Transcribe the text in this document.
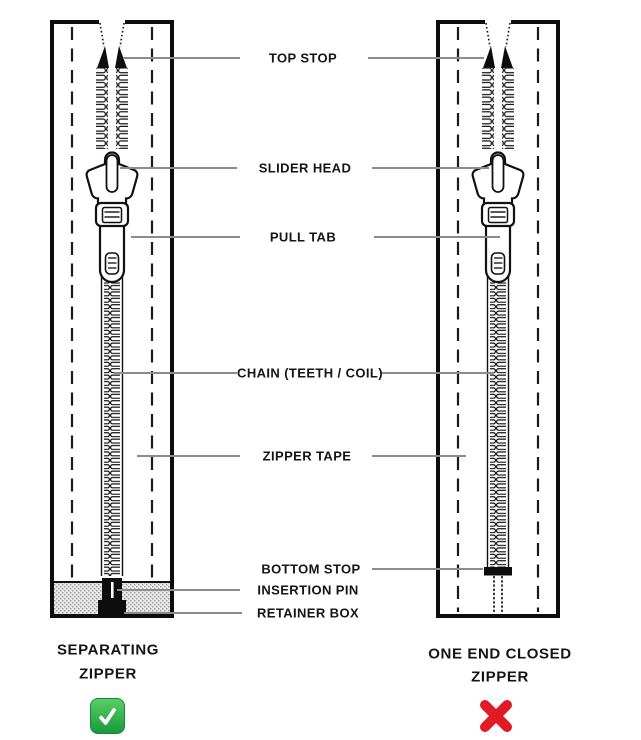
TOP STOP
SLIDER HEAD
PULL TAB
CHAIN (TEETH / COIL)
ZIPPER TAPE
BOTTOM STOP
INSERTION PIN
RETAINER BOX
SEPARATING
ZIPPER
ONE END CLOSED
ZIPPER
